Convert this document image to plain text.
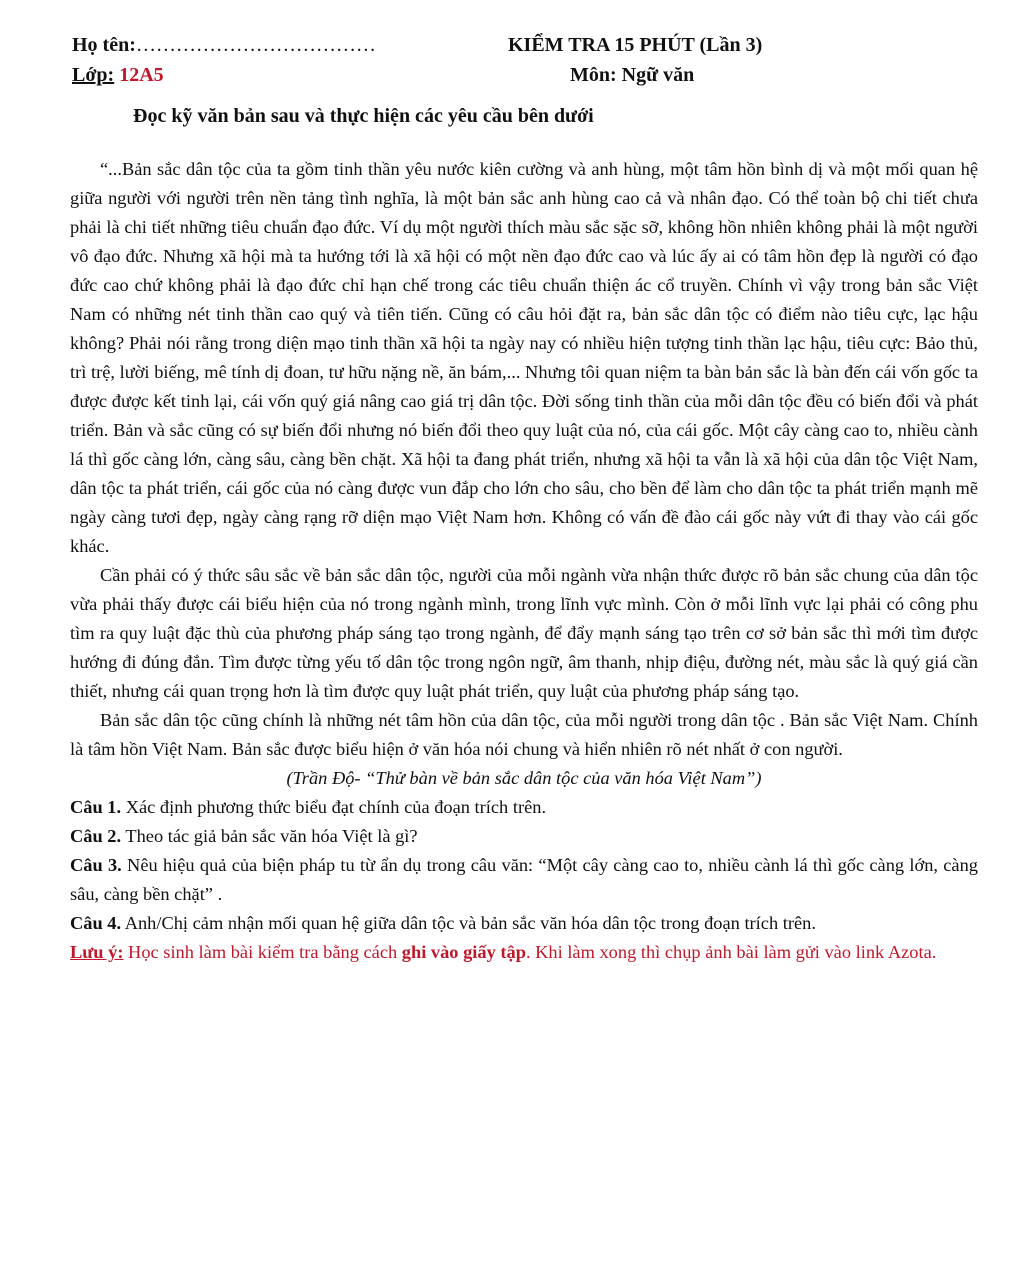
Họ tên:………………………………	KIỂM TRA 15 PHÚT (Lần 3)
Lớp: 12A5	Môn: Ngữ văn
Đọc kỹ văn bản sau và thực hiện các yêu cầu bên dưới

“...Bản sắc dân tộc của ta gồm tinh thần yêu nước kiên cường và anh hùng, một tâm hồn bình dị và một mối quan hệ giữa người với người trên nền tảng tình nghĩa, là một bản sắc anh hùng cao cả và nhân đạo. Có thể toàn bộ chi tiết chưa phải là chi tiết những tiêu chuẩn đạo đức. Ví dụ một người thích màu sắc sặc sỡ, không hồn nhiên không phải là một người vô đạo đức. Nhưng xã hội mà ta hướng tới là xã hội có một nền đạo đức cao và lúc ấy ai có tâm hồn đẹp là người có đạo đức cao chứ không phải là đạo đức chỉ hạn chế trong các tiêu chuẩn thiện ác cổ truyền. Chính vì vậy trong bản sắc Việt Nam có những nét tinh thần cao quý và tiên tiến. Cũng có câu hỏi đặt ra, bản sắc dân tộc có điểm nào tiêu cực, lạc hậu không? Phải nói rằng trong diện mạo tinh thần xã hội ta ngày nay có nhiều hiện tượng tinh thần lạc hậu, tiêu cực: Bảo thủ, trì trệ, lười biếng, mê tính dị đoan, tư hữu nặng nề, ăn bám,... Nhưng tôi quan niệm ta bàn bản sắc là bàn đến cái vốn gốc ta được được kết tinh lại, cái vốn quý giá nâng cao giá trị dân tộc. Đời sống tinh thần của mỗi dân tộc đều có biến đổi và phát triển. Bản và sắc cũng có sự biến đổi nhưng nó biến đổi theo quy luật của nó, của cái gốc. Một cây càng cao to, nhiều cành lá thì gốc càng lớn, càng sâu, càng bền chặt. Xã hội ta đang phát triển, nhưng xã hội ta vẫn là xã hội của dân tộc Việt Nam, dân tộc ta phát triển, cái gốc của nó càng được vun đắp cho lớn cho sâu, cho bền để làm cho dân tộc ta phát triển mạnh mẽ ngày càng tươi đẹp, ngày càng rạng rỡ diện mạo Việt Nam hơn. Không có vấn đề đào cái gốc này vứt đi thay vào cái gốc khác.

Cần phải có ý thức sâu sắc về bản sắc dân tộc, người của mỗi ngành vừa nhận thức được rõ bản sắc chung của dân tộc vừa phải thấy được cái biểu hiện của nó trong ngành mình, trong lĩnh vực mình. Còn ở mỗi lĩnh vực lại phải có công phu tìm ra quy luật đặc thù của phương pháp sáng tạo trong ngành, để đẩy mạnh sáng tạo trên cơ sở bản sắc thì mới tìm được hướng đi đúng đắn. Tìm được từng yếu tố dân tộc trong ngôn ngữ, âm thanh, nhịp điệu, đường nét, màu sắc là quý giá cần thiết, nhưng cái quan trọng hơn là tìm được quy luật phát triển, quy luật của phương pháp sáng tạo.

Bản sắc dân tộc cũng chính là những nét tâm hồn của dân tộc, của mỗi người trong dân tộc . Bản sắc Việt Nam. Chính là tâm hồn Việt Nam. Bản sắc được biểu hiện ở văn hóa nói chung và hiển nhiên rõ nét nhất ở con người.

(Trần Độ- “Thử bàn về bản sắc dân tộc của văn hóa Việt Nam”)

Câu 1. Xác định phương thức biểu đạt chính của đoạn trích trên.

Câu 2. Theo tác giả bản sắc văn hóa Việt là gì?

Câu 3. Nêu hiệu quả của biện pháp tu từ ẩn dụ trong câu văn: “Một cây càng cao to, nhiều cành lá thì gốc càng lớn, càng sâu, càng bền chặt” .

Câu 4. Anh/Chị cảm nhận mối quan hệ giữa dân tộc và bản sắc văn hóa dân tộc trong đoạn trích trên.

Lưu ý: Học sinh làm bài kiểm tra bằng cách ghi vào giấy tập. Khi làm xong thì chụp ảnh bài làm gửi vào link Azota.
